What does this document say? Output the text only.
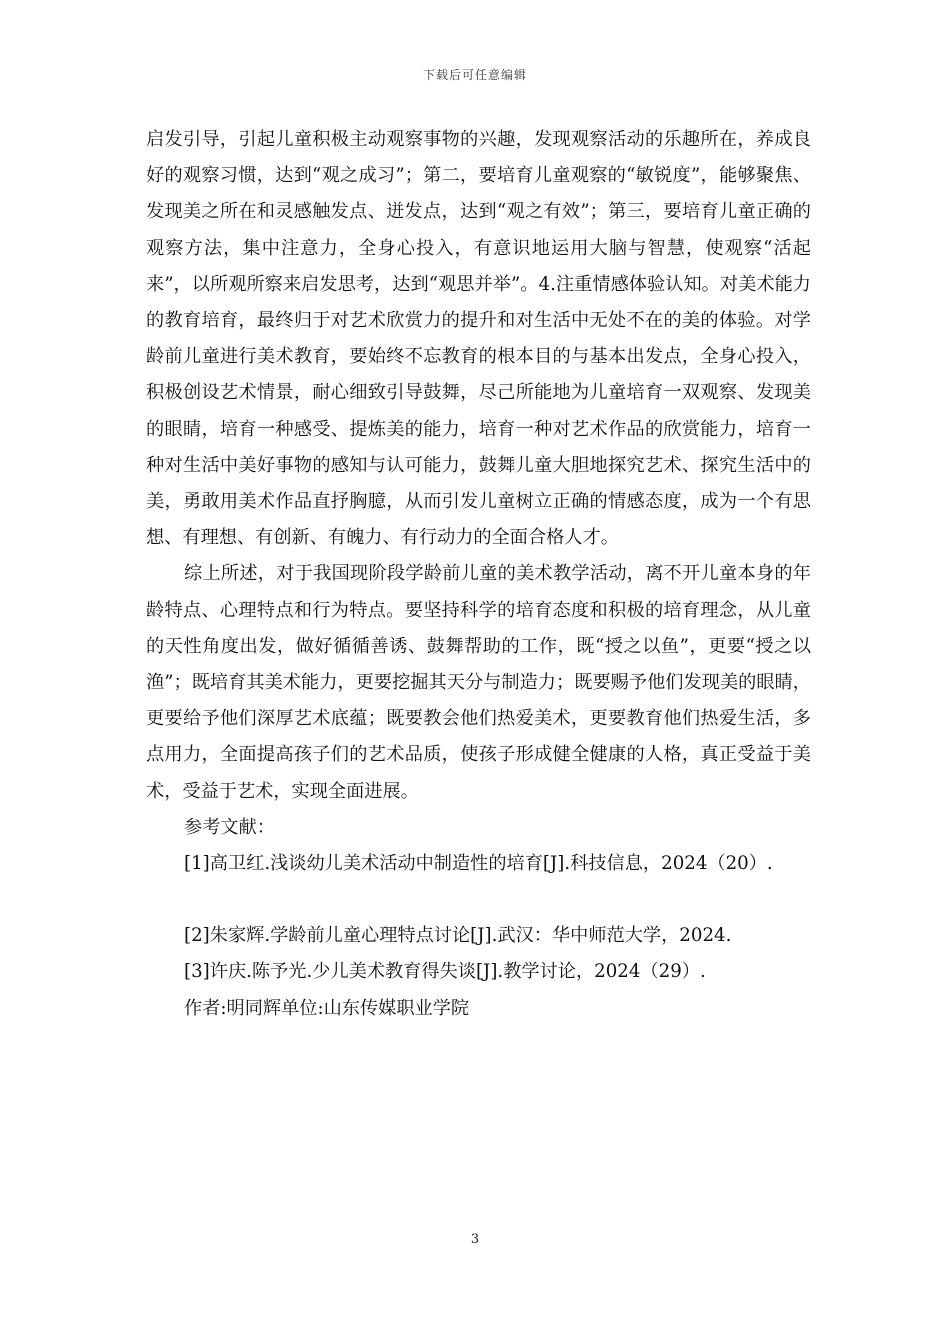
下载后可任意编辑

启发引导，引起儿童积极主动观察事物的兴趣，发现观察活动的乐趣所在，养成良好的观察习惯，达到“观之成习”；第二，要培育儿童观察的“敏锐度”，能够聚焦、发现美之所在和灵感触发点、迸发点，达到“观之有效”；第三，要培育儿童正确的观察方法，集中注意力，全身心投入，有意识地运用大脑与智慧，使观察“活起来”，以所观所察来启发思考，达到“观思并举”。4.注重情感体验认知。对美术能力的教育培育，最终归于对艺术欣赏力的提升和对生活中无处不在的美的体验。对学龄前儿童进行美术教育，要始终不忘教育的根本目的与基本出发点，全身心投入，积极创设艺术情景，耐心细致引导鼓舞，尽己所能地为儿童培育一双观察、发现美的眼睛，培育一种感受、提炼美的能力，培育一种对艺术作品的欣赏能力，培育一种对生活中美好事物的感知与认可能力，鼓舞儿童大胆地探究艺术、探究生活中的美，勇敢用美术作品直抒胸臆，从而引发儿童树立正确的情感态度，成为一个有思想、有理想、有创新、有魄力、有行动力的全面合格人才。

综上所述，对于我国现阶段学龄前儿童的美术教学活动，离不开儿童本身的年龄特点、心理特点和行为特点。要坚持科学的培育态度和积极的培育理念，从儿童的天性角度出发，做好循循善诱、鼓舞帮助的工作，既“授之以鱼”，更要“授之以渔”；既培育其美术能力，更要挖掘其天分与制造力；既要赐予他们发现美的眼睛，更要给予他们深厚艺术底蕴；既要教会他们热爱美术，更要教育他们热爱生活，多点用力，全面提高孩子们的艺术品质，使孩子形成健全健康的人格，真正受益于美术，受益于艺术，实现全面进展。

参考文献：

[1]高卫红.浅谈幼儿美术活动中制造性的培育[J].科技信息，2024（20）.

[2]朱家辉.学龄前儿童心理特点讨论[J].武汉：华中师范大学，2024.

[3]许庆.陈予光.少儿美术教育得失谈[J].教学讨论，2024（29）.

作者:明同辉单位:山东传媒职业学院

3
